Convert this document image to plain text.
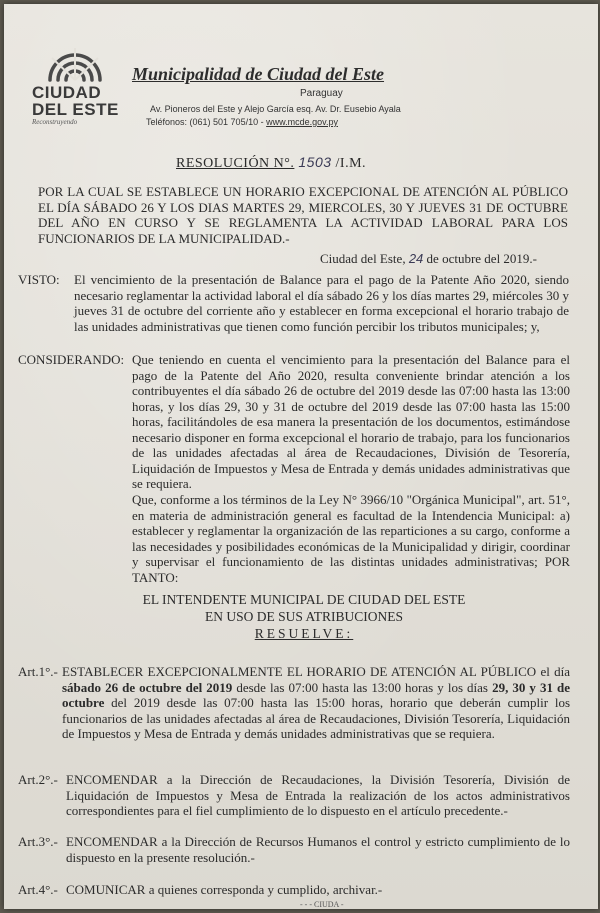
CIUDAD
DEL ESTE
Reconstruyendo
Municipalidad de Ciudad del Este
Paraguay
Av. Pioneros del Este y Alejo García esq. Av. Dr. Eusebio Ayala
Teléfonos: (061) 501 705/10 - www.mcde.gov.py
RESOLUCIÓN N°. 1503 /I.M.
POR LA CUAL SE ESTABLECE UN HORARIO EXCEPCIONAL DE ATENCIÓN AL PÚBLICO EL DÍA SÁBADO 26 Y LOS DIAS MARTES 29, MIERCOLES, 30 Y JUEVES 31 DE OCTUBRE DEL AÑO EN CURSO Y SE REGLAMENTA LA ACTIVIDAD LABORAL PARA LOS FUNCIONARIOS DE LA MUNICIPALIDAD.-
Ciudad del Este, 24 de octubre del 2019.-
VISTO: El vencimiento de la presentación de Balance para el pago de la Patente Año 2020, siendo necesario reglamentar la actividad laboral el día sábado 26 y los días martes 29, miércoles 30 y jueves 31 de octubre del corriente año y establecer en forma excepcional el horario trabajo de las unidades administrativas que tienen como función percibir los tributos municipales; y,
CONSIDERANDO: Que teniendo en cuenta el vencimiento para la presentación del Balance para el pago de la Patente del Año 2020, resulta conveniente brindar atención a los contribuyentes el día sábado 26 de octubre del 2019 desde las 07:00 hasta las 13:00 horas, y los días 29, 30 y 31 de octubre del 2019 desde las 07:00 hasta las 15:00 horas, facilitándoles de esa manera la presentación de los documentos, estimándose necesario disponer en forma excepcional el horario de trabajo, para los funcionarios de las unidades afectadas al área de Recaudaciones, División de Tesorería, Liquidación de Impuestos y Mesa de Entrada y demás unidades administrativas que se requiera.
Que, conforme a los términos de la Ley N° 3966/10 "Orgánica Municipal", art. 51°, en materia de administración general es facultad de la Intendencia Municipal: a) establecer y reglamentar la organización de las reparticiones a su cargo, conforme a las necesidades y posibilidades económicas de la Municipalidad y dirigir, coordinar y supervisar el funcionamiento de las distintas unidades administrativas; POR TANTO:
EL INTENDENTE MUNICIPAL DE CIUDAD DEL ESTE
EN USO DE SUS ATRIBUCIONES
RESUELVE:
Art.1°.- ESTABLECER EXCEPCIONALMENTE EL HORARIO DE ATENCIÓN AL PÚBLICO el día sábado 26 de octubre del 2019 desde las 07:00 hasta las 13:00 horas y los días 29, 30 y 31 de octubre del 2019 desde las 07:00 hasta las 15:00 horas, horario que deberán cumplir los funcionarios de las unidades afectadas al área de Recaudaciones, División Tesorería, Liquidación de Impuestos y Mesa de Entrada y demás unidades administrativas que se requiera.
Art.2°.- ENCOMENDAR a la Dirección de Recaudaciones, la División Tesorería, División de Liquidación de Impuestos y Mesa de Entrada la realización de los actos administrativos correspondientes para el fiel cumplimiento de lo dispuesto en el artículo precedente.-
Art.3°.- ENCOMENDAR a la Dirección de Recursos Humanos el control y estricto cumplimiento de lo dispuesto en la presente resolución.-
Art.4°.- COMUNICAR a quienes corresponda y cumplido, archivar.-
- - - CIUDA -
